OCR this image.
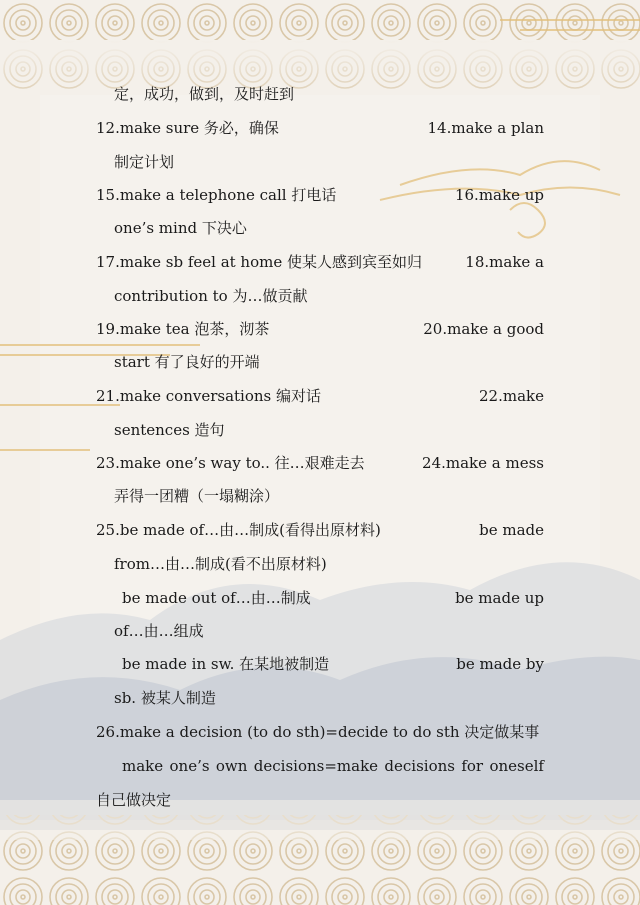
定，成功，做到，及时赶到
12.make sure 务必，确保	14.make a plan
制定计划
15.make a telephone call 打电话	16.make up
one’s mind 下决心
17.make sb feel at home 使某人感到宾至如归	18.make a
contribution to 为…做贡献
19.make tea 泡茶，沏茶	20.make a good
start 有了良好的开端
21.make conversations 编对话	22.make
sentences 造句
23.make one’s way to.. 往…艰难走去	24.make a mess
弄得一团糟（一塌糊涂）
25.be made of…由…制成(看得出原材料)	be made
from…由…制成(看不出原材料)
be made out of…由…制成	be made up
of…由…组成
be made in sw. 在某地被制造	be made by
sb. 被某人制造
26.make a decision (to do sth)=decide to do sth 决定做某事
make one’s own decisions=make decisions for oneself
自己做决定
